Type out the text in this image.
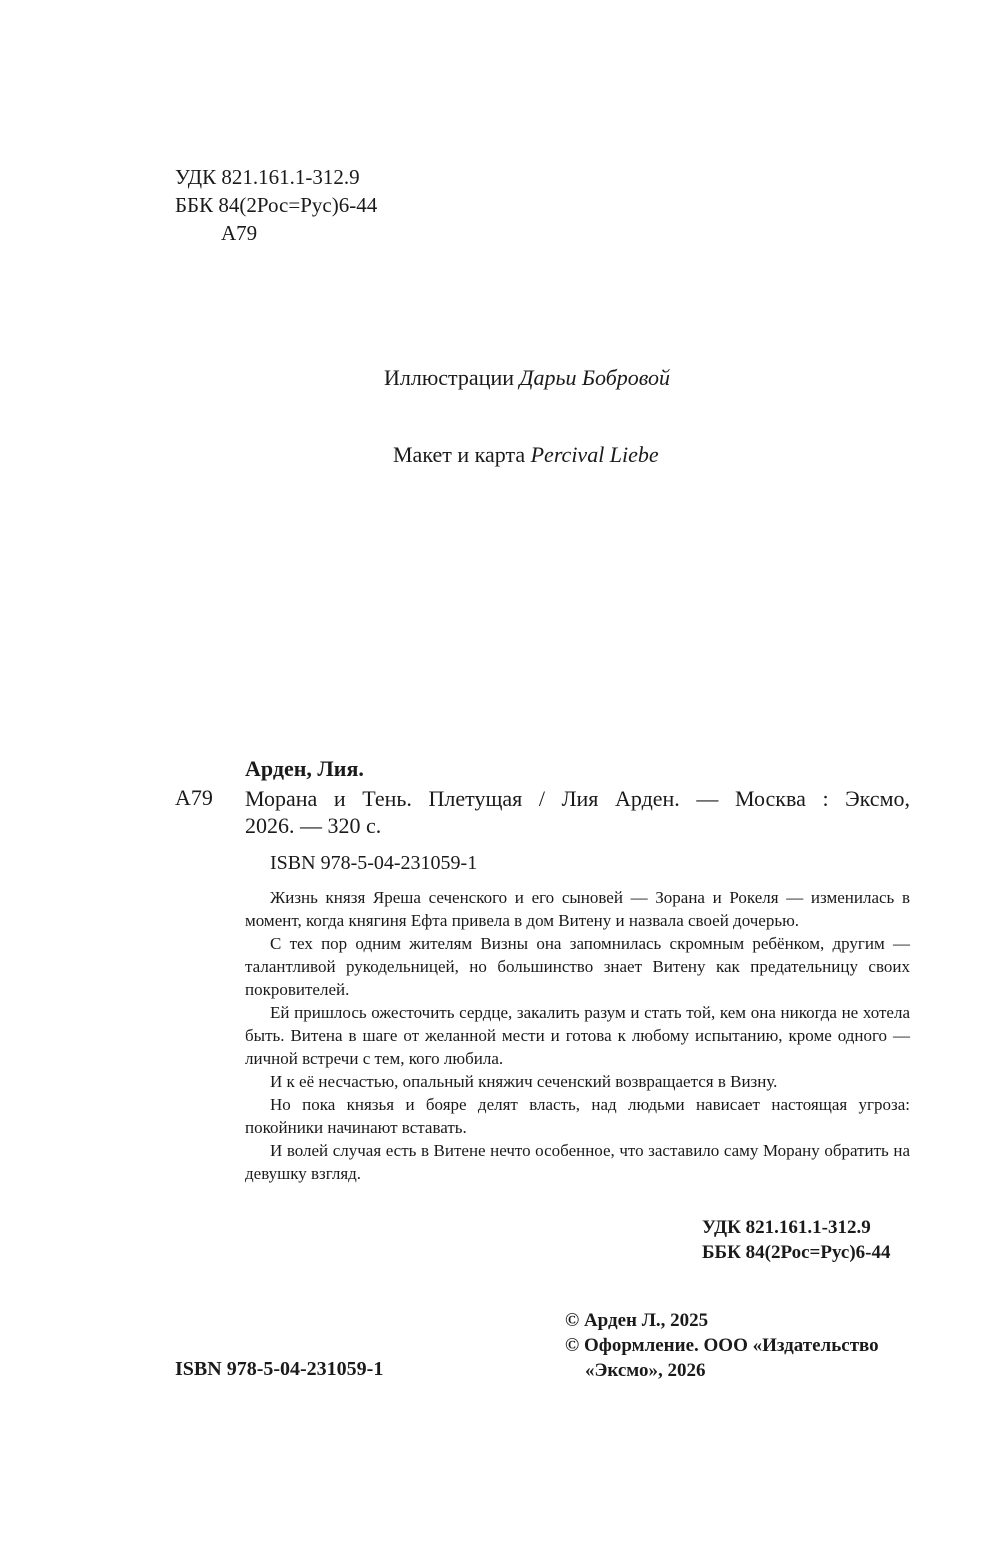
УДК 821.161.1-312.9
ББК 84(2Рос=Рус)6-44
А79
Иллюстрации Дарьи Бобровой
Макет и карта Percival Liebe
Арден, Лия.
А79 Морана и Тень. Плетущая / Лия Арден. — Москва : Эксмо,
2026. — 320 с.
ISBN 978-5-04-231059-1

Жизнь князя Яреша сеченского и его сыновей — Зорана и Рокеля — изменилась в момент, когда княгиня Ефта привела в дом Витену и назвала своей дочерью.

С тех пор одним жителям Визны она запомнилась скромным ребёнком, другим — талантливой рукодельницей, но большинство знает Витену как предательницу своих покровителей.

Ей пришлось ожесточить сердце, закалить разум и стать той, кем она никогда не хотела быть. Витена в шаге от желанной мести и готова к любому испытанию, кроме одного — личной встречи с тем, кого любила.

И к её несчастью, опальный княжич сеченский возвращается в Визну.

Но пока князья и бояре делят власть, над людьми нависает настоящая угроза: покойники начинают вставать.

И волей случая есть в Витене нечто особенное, что заставило саму Морану обратить на девушку взгляд.

УДК 821.161.1-312.9
ББК 84(2Рос=Рус)6-44
© Арден Л., 2025
© Оформление. ООО «Издательство
«Эксмо», 2026
ISBN 978-5-04-231059-1
